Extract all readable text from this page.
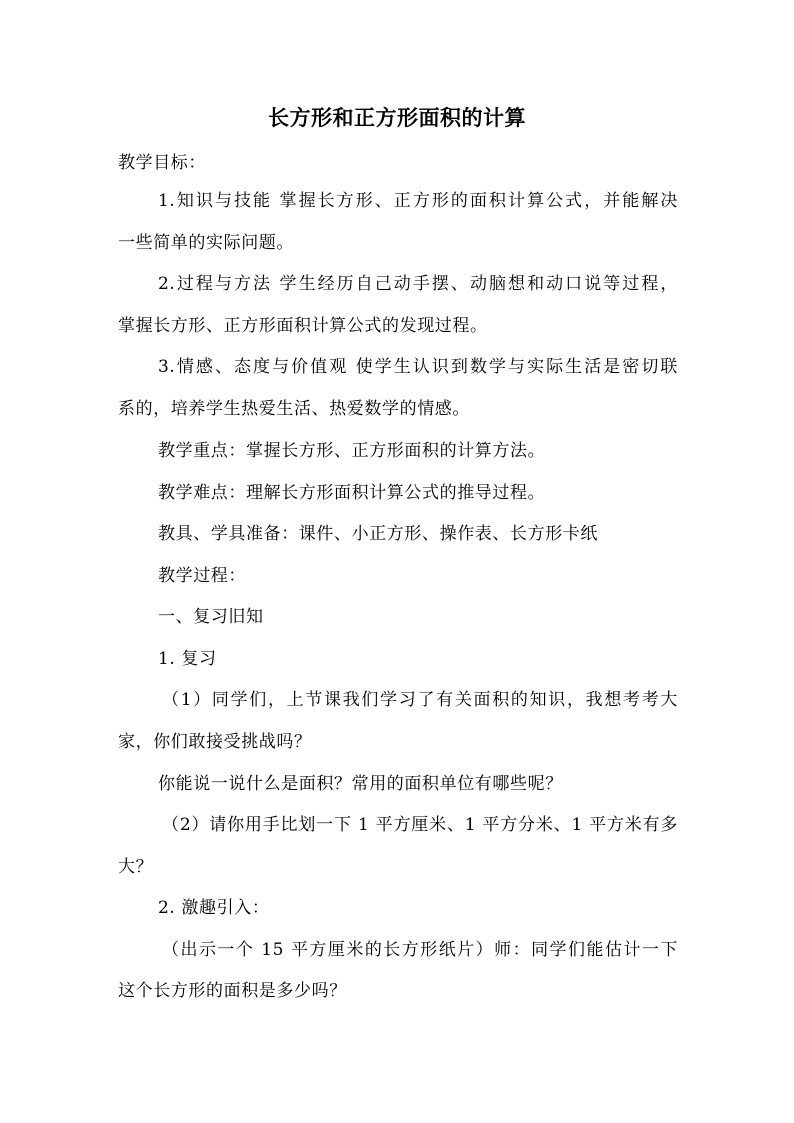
长方形和正方形面积的计算
教学目标：
1.知识与技能 掌握长方形、正方形的面积计算公式，并能解决
一些简单的实际问题。
2.过程与方法 学生经历自己动手摆、动脑想和动口说等过程，
掌握长方形、正方形面积计算公式的发现过程。
3.情感、态度与价值观 使学生认识到数学与实际生活是密切联
系的，培养学生热爱生活、热爱数学的情感。
教学重点：掌握长方形、正方形面积的计算方法。
教学难点：理解长方形面积计算公式的推导过程。
教具、学具准备：课件、小正方形、操作表、长方形卡纸
教学过程：
一、复习旧知
1. 复习
（1）同学们，上节课我们学习了有关面积的知识，我想考考大
家，你们敢接受挑战吗？
你能说一说什么是面积？常用的面积单位有哪些呢？
（2）请你用手比划一下 1 平方厘米、1 平方分米、1 平方米有多
大？
2. 激趣引入：
（出示一个 15 平方厘米的长方形纸片）师：同学们能估计一下
这个长方形的面积是多少吗？
